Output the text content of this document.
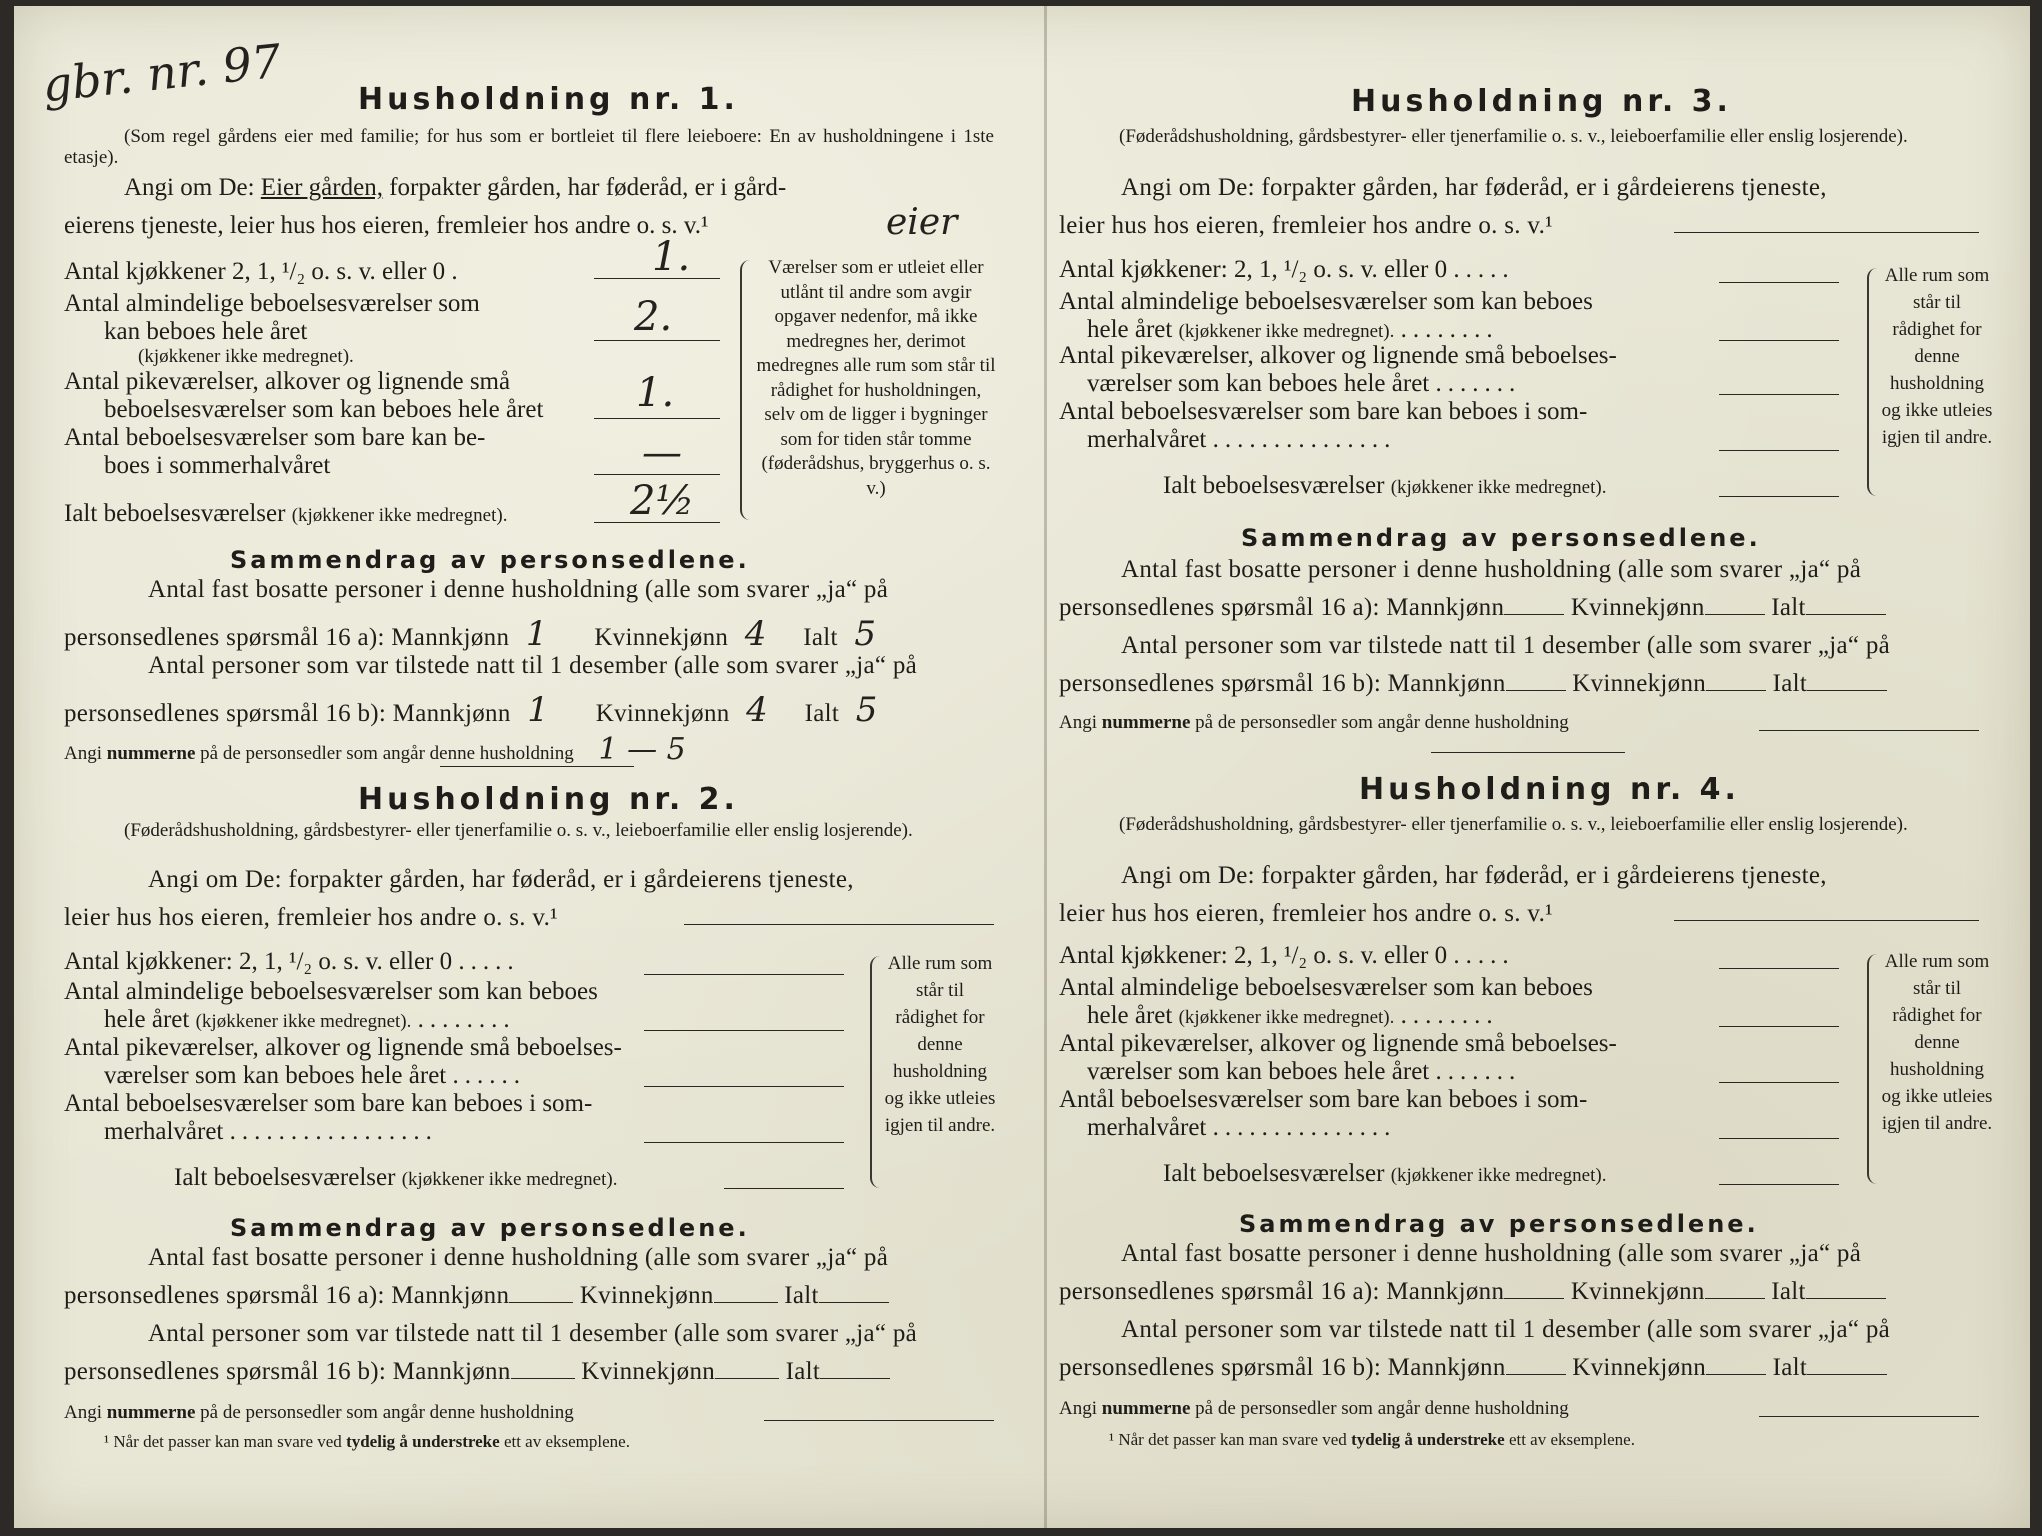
gbr. nr. 97 Husholdning nr. 1.
(Som regel gårdens eier med familie; for hus som er bortleiet til flere leieboere: En av husholdningene i 1ste etasje).
Angi om De: Eier gården, forpakter gården, har føderåd, er i gård-
eierens tjeneste, leier hus hos eieren, fremleier hos andre o. s. v.¹	eier
Antal kjøkkener 2, 1, ¹/₂ o. s. v. eller 0 .	1.
Antal almindelige beboelsesværelser som
kan beboes hele året
(kjøkkener ikke medregnet).
2.
Antal pikeværelser, alkover og lignende små
beboelsesværelser som kan beboes hele året 1.
Antal beboelsesværelser som bare kan be-
boes i sommerhalvåret	—
Ialt beboelsesværelser (kjøkkener ikke medregnet).	2½
Værelser som er utleiet eller utlånt til andre som avgir opgaver nedenfor, må ikke medregnes her, derimot medregnes alle rum som står til rådighet for husholdningen, selv om de ligger i bygninger som for tiden står tomme (føderådshus, bryggerhus o. s. v.)
Sammendrag av personsedlene.
Antal fast bosatte personer i denne husholdning (alle som svarer „ja“ på
personsedlenes spørsmål 16 a): Mannkjønn 1 Kvinnekjønn 4 Ialt 5
Antal personer som var tilstede natt til 1 desember (alle som svarer „ja“ på
personsedlenes spørsmål 16 b): Mannkjønn 1 Kvinnekjønn 4 Ialt 5
Angi nummerne på de personsedler som angår denne husholdning 1 — 5
Husholdning nr. 2.
(Føderådshusholdning, gårdsbestyrer- eller tjenerfamilie o. s. v., leieboerfamilie eller enslig losjerende).
Angi om De: forpakter gården, har føderåd, er i gårdeierens tjeneste,
leier hus hos eieren, fremleier hos andre o. s. v.¹
Antal kjøkkener: 2, 1, ¹/₂ o. s. v. eller 0 .....
Antal almindelige beboelsesværelser som kan beboes
hele året (kjøkkener ikke medregnet). ........
Antal pikeværelser, alkover og lignende små beboelses-
værelser som kan beboes hele året ......
Antal beboelsesværelser som bare kan beboes i som-
merhalvåret .................
Ialt beboelsesværelser (kjøkkener ikke medregnet).
Alle rum som står til rådighet for denne husholdning og ikke utleies igjen til andre.
Sammendrag av personsedlene.
Antal fast bosatte personer i denne husholdning (alle som svarer „ja“ på
personsedlenes spørsmål 16 a): Mannkjønn	Kvinnekjønn	Ialt
Antal personer som var tilstede natt til 1 desember (alle som svarer „ja“ på
personsedlenes spørsmål 16 b): Mannkjønn	Kvinnekjønn	Ialt
Angi nummerne på de personsedler som angår denne husholdning
¹ Når det passer kan man svare ved tydelig å understreke ett av eksemplene.
Husholdning nr. 3.
(Føderådshusholdning, gårdsbestyrer- eller tjenerfamilie o. s. v., leieboerfamilie eller enslig losjerende).
Angi om De: forpakter gården, har føderåd, er i gårdeierens tjeneste,
leier hus hos eieren, fremleier hos andre o. s. v.¹
Antal kjøkkener: 2, 1, ¹/₂ o. s. v. eller 0 .....
Antal almindelige beboelsesværelser som kan beboes
hele året (kjøkkener ikke medregnet). ........
Antal pikeværelser, alkover og lignende små beboelses-
værelser som kan beboes hele året .......
Antal beboelsesværelser som bare kan beboes i som-
merhalvåret ...............
Ialt beboelsesværelser (kjøkkener ikke medregnet).
Alle rum som står til rådighet for denne husholdning og ikke utleies igjen til andre.
Sammendrag av personsedlene.
Antal fast bosatte personer i denne husholdning (alle som svarer „ja“ på
personsedlenes spørsmål 16 a): Mannkjønn	Kvinnekjønn	Ialt
Antal personer som var tilstede natt til 1 desember (alle som svarer „ja“ på
personsedlenes spørsmål 16 b): Mannkjønn	Kvinnekjønn	Ialt
Angi nummerne på de personsedler som angår denne husholdning
Husholdning nr. 4.
(Føderådshusholdning, gårdsbestyrer- eller tjenerfamilie o. s. v., leieboerfamilie eller enslig losjerende).
Angi om De: forpakter gården, har føderåd, er i gårdeierens tjeneste,
leier hus hos eieren, fremleier hos andre o. s. v.¹
Antal kjøkkener: 2, 1, ¹/₂ o. s. v. eller 0 .....
Antal almindelige beboelsesværelser som kan beboes
hele året (kjøkkener ikke medregnet). ........
Antal pikeværelser, alkover og lignende små beboelses-
værelser som kan beboes hele året .......
Antål beboelsesværelser som bare kan beboes i som-
merhalvåret ...............
Ialt beboelsesværelser (kjøkkener ikke medregnet).
Alle rum som står til rådighet for denne husholdning og ikke utleies igjen til andre.
Sammendrag av personsedlene.
Antal fast bosatte personer i denne husholdning (alle som svarer „ja“ på
personsedlenes spørsmål 16 a): Mannkjønn	Kvinnekjønn	Ialt
Antal personer som var tilstede natt til 1 desember (alle som svarer „ja“ på
personsedlenes spørsmål 16 b): Mannkjønn	Kvinnekjønn	Ialt
Angi nummerne på de personsedler som angår denne husholdning
¹ Når det passer kan man svare ved tydelig å understreke ett av eksemplene.
